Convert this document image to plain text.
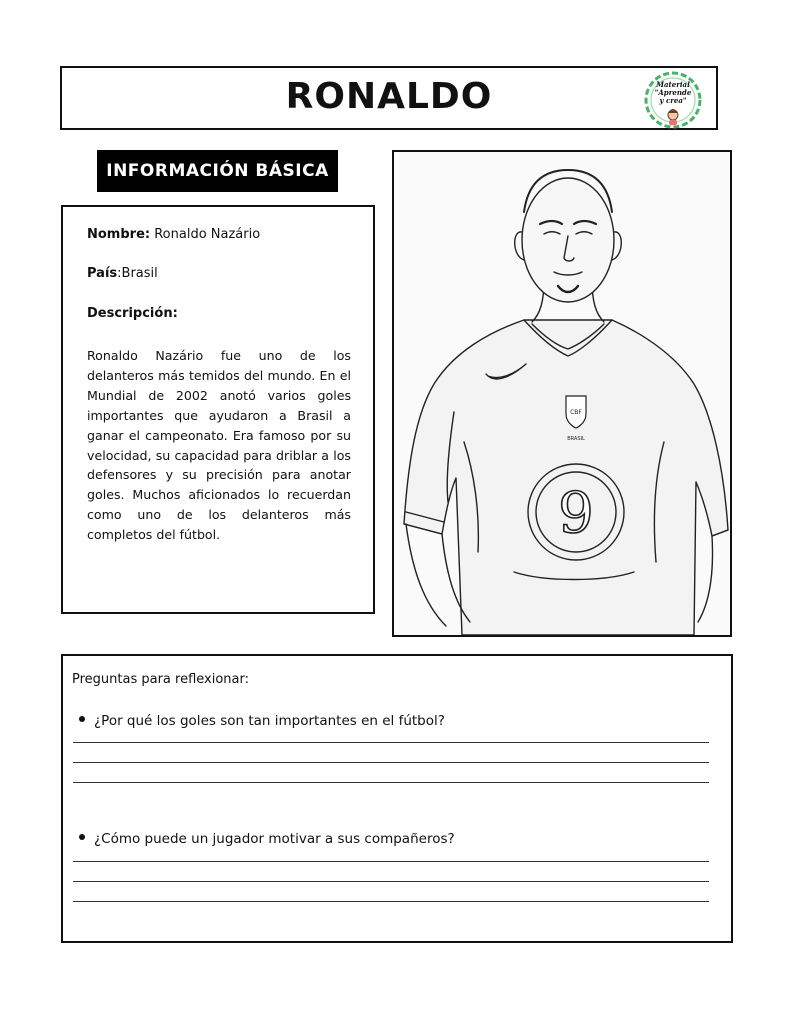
RONALDO	Material "Aprende y crea"
INFORMACIÓN BÁSICA
Nombre: Ronaldo Nazário
País:Brasil
Descripción:
Ronaldo Nazário fue uno de los delanteros más temidos del mundo. En el Mundial de 2002 anotó varios goles importantes que ayudaron a Brasil a ganar el campeonato. Era famoso por su velocidad, su capacidad para driblar a los defensores y su precisión para anotar goles. Muchos aficionados lo recuerdan como uno de los delanteros más completos del fútbol.
CBF
BRASIL
9
Preguntas para reflexionar:
¿Por qué los goles son tan importantes en el fútbol?
¿Cómo puede un jugador motivar a sus compañeros?
